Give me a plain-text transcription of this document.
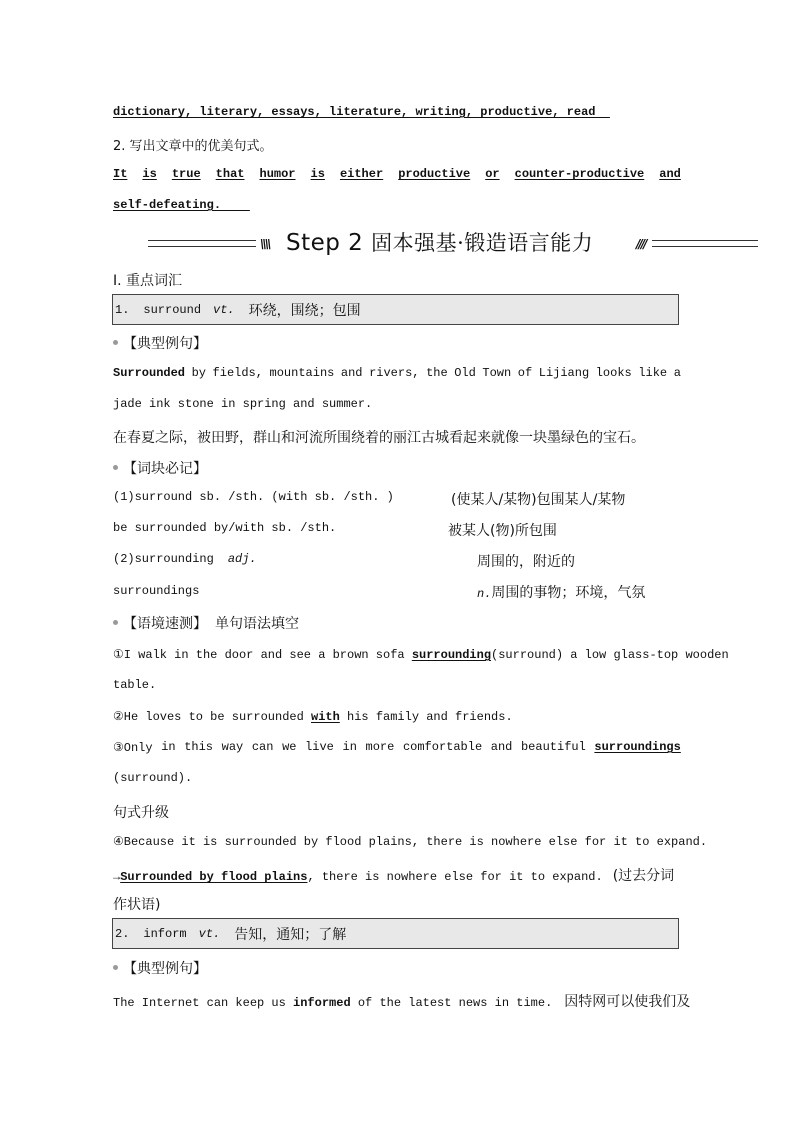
dictionary, literary, essays, literature, writing, productive, read
2. 写出文章中的优美句式。
It is true that humor is either productive or counter-productive and
self-defeating.
\\\\ Step 2 固本强基·锻造语言能力	////
Ⅰ. 重点词汇
1. surround vt. 环绕，围绕；包围
【典型例句】
Surrounded by fields, mountains and rivers, the Old Town of Lijiang looks like a
jade ink stone in spring and summer.
在春夏之际，被田野，群山和河流所围绕着的丽江古城看起来就像一块墨绿色的宝石。
【词块必记】
(1)surround sb. /sth. (with sb. /sth. )	(使某人/某物)包围某人/某物
be surrounded by/with sb. /sth.	被某人(物)所包围
(2)surrounding adj.	周围的，附近的
surroundings	n.周围的事物；环境，气氛
【语境速测】 单句语法填空
①I walk in the door and see a brown sofa surrounding(surround) a low glass-top wooden
table.
②He loves to be surrounded with his family and friends.
③Only in this way can we live in more comfortable and beautiful surroundings
(surround).
句式升级
④Because it is surrounded by flood plains, there is nowhere else for it to expand.
→Surrounded by flood plains, there is nowhere else for it to expand. (过去分词
作状语)
2. inform vt. 告知，通知；了解
【典型例句】
The Internet can keep us informed of the latest news in time. 因特网可以使我们及
